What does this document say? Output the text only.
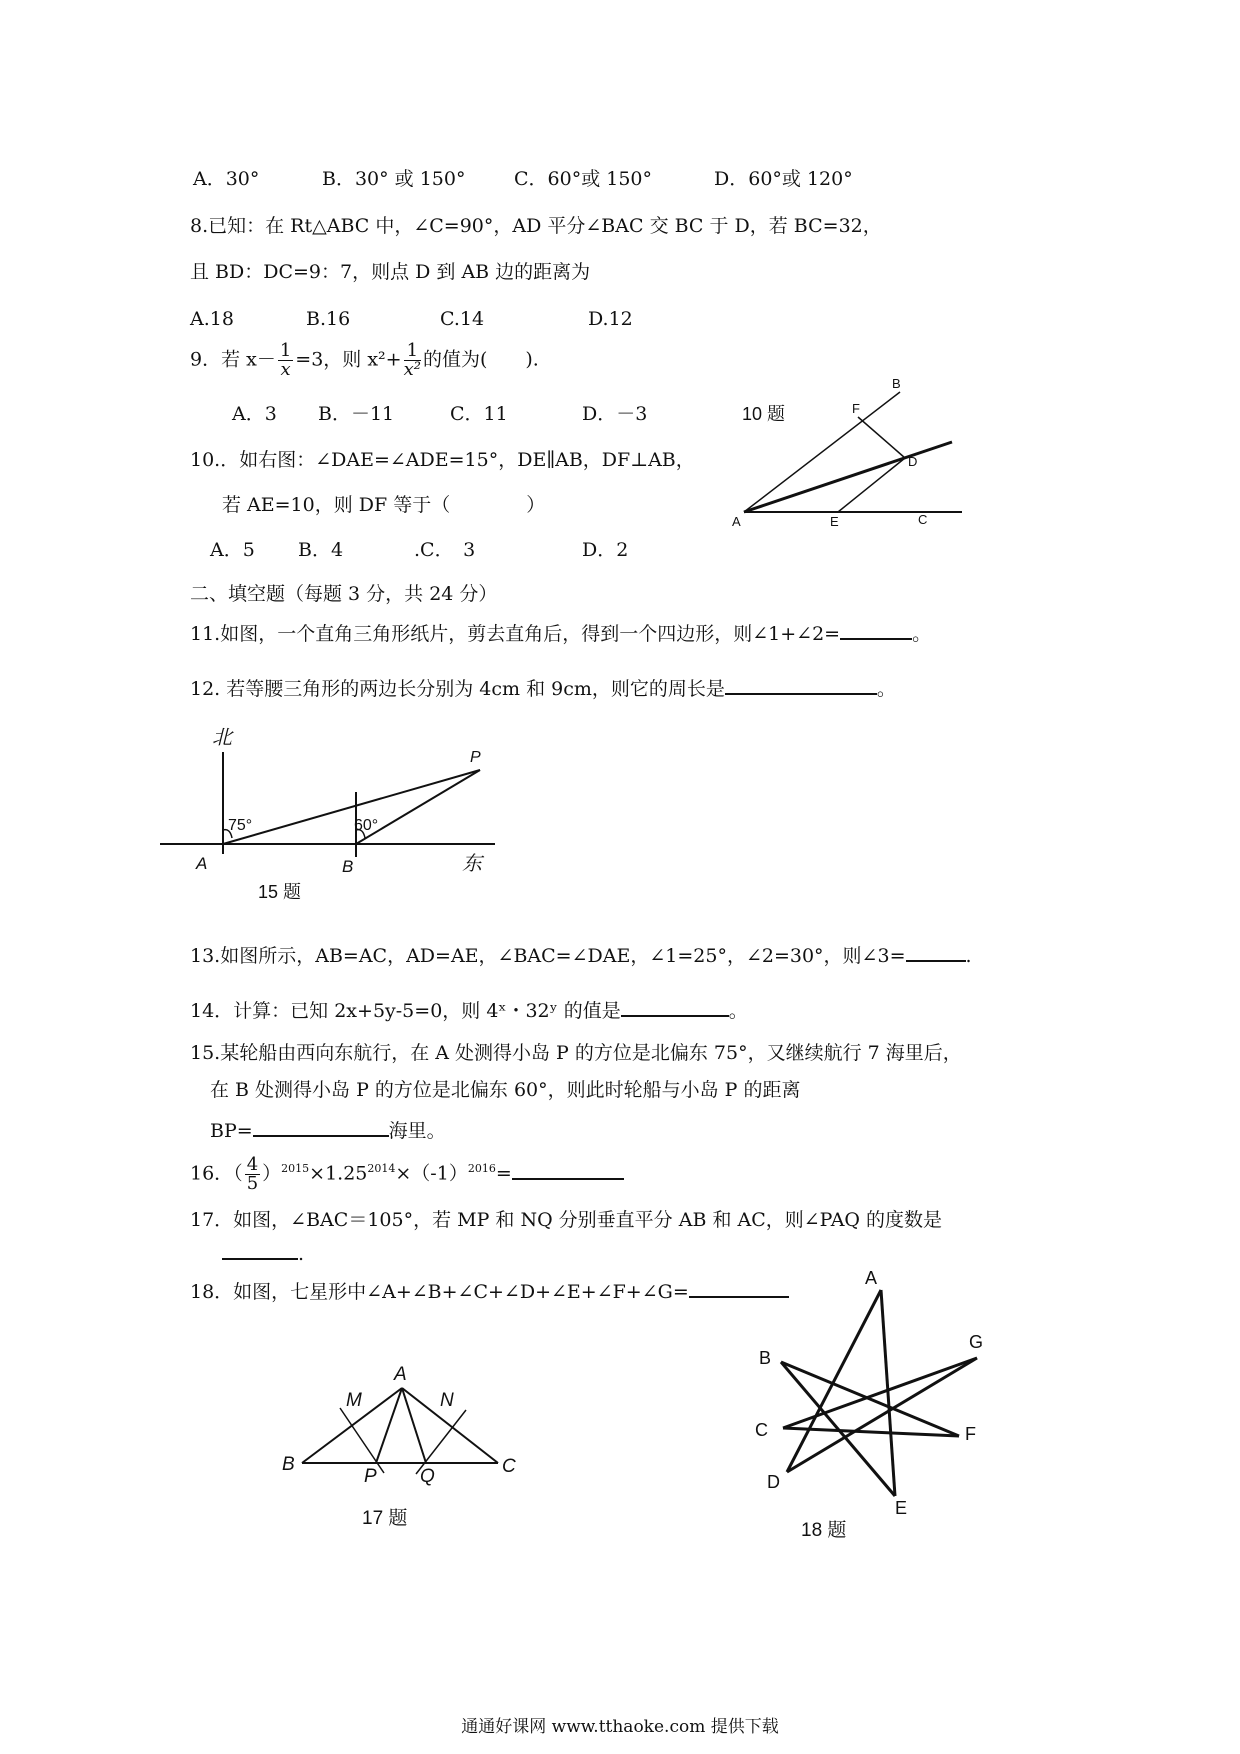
A．30°	B．30° 或 150°	C．60°或 150°	D．60°或 120°
8.已知：在 Rt△ABC 中，∠C=90°，AD 平分∠BAC 交 BC 于 D，若 BC=32，
且 BD：DC=9：7，则点 D 到 AB 边的距离为
A.18	B.16	C.14	D.12
9．若 $x- \frac{1}{x} =3$，则 $x^2+ \frac{1}{\text{x²}}$ 的值为(　　).
A．3 B．－11	C．11	D．－3
10.．如右图：∠DAE=∠ADE=15°，DE∥AB，DF⊥AB，
若 AE=10，则 DF 等于（　　　　）
A．5 B．4	.C．　3	D．2
10 题
A
B
C
D
E
F
二、填空题（每题 3 分，共 24 分）
11.如图，一个直角三角形纸片，剪去直角后，得到一个四边形，则∠1+∠2=	。
12. 若等腰三角形的两边长分别为 4cm 和 9cm，则它的周长是	。
北
东
P
A	B
75°	60°
15 题
13.如图所示，AB=AC，AD=AE，∠BAC=∠DAE，∠1=25°，∠2=30°，则∠3=	.
14．计算：已知 2x+5y-5=0，则 4ˣ・32ʸ 的值是	。
15.某轮船由西向东航行，在 A 处测得小岛 P 的方位是北偏东 75°，又继续航行 7 海里后，
在 B 处测得小岛 P 的方位是北偏东 60°，则此时轮船与小岛 P 的距离
BP=	海里。
16．（ $\frac{4}{5} )^{2015}\times 1.25^{2014}\times(-1)^{2016}=$
17．如图，∠BAC＝105°，若 MP 和 NQ 分别垂直平分 AB 和 AC，则∠PAQ 的度数是
.
18．如图，七星形中∠A+∠B+∠C+∠D+∠E+∠F+∠G=
A
B	C
M	N
P Q
17 题
A
B
C
D
E
F
G
18 题
通通好课网 www.tthaoke.com 提供下载
